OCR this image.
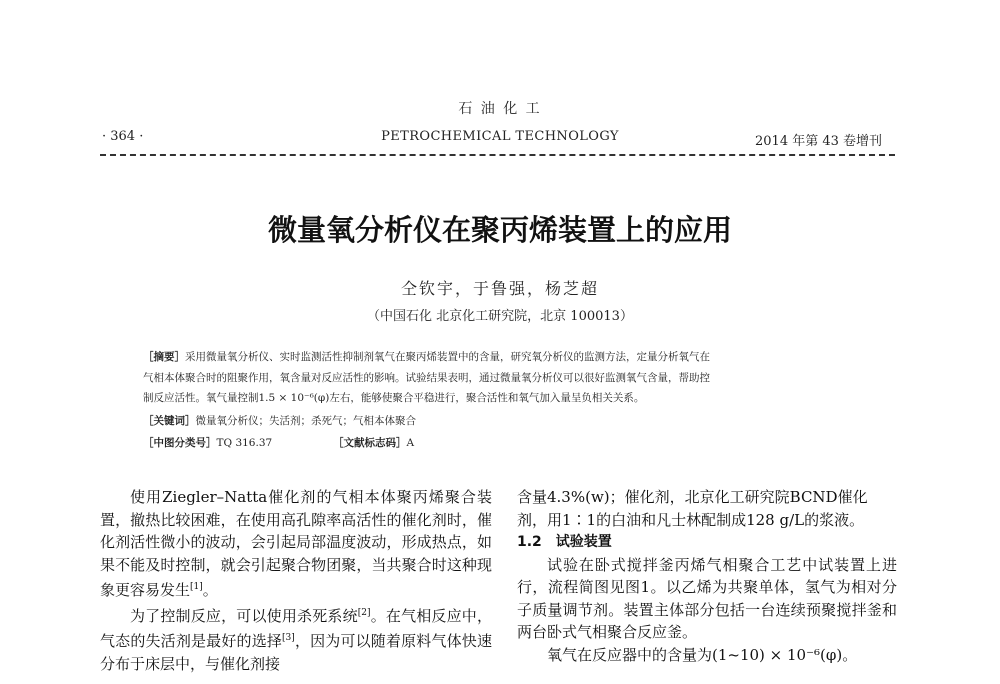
石 油 化 工
· 364 ·	PETROCHEMICAL TECHNOLOGY	2014 年第 43 卷增刊
微量氧分析仪在聚丙烯装置上的应用
仝钦宇，于鲁强，杨芝超
（中国石化 北京化工研究院，北京 100013）
［摘要］采用微量氧分析仪、实时监测活性抑制剂氧气在聚丙烯装置中的含量，研究氧分析仪的监测方法，定量分析氧气在
气相本体聚合时的阻聚作用，氧含量对反应活性的影响。试验结果表明，通过微量氧分析仪可以很好监测氧气含量，帮助控
制反应活性。氧气量控制1.5 × 10⁻⁶(φ)左右，能够使聚合平稳进行，聚合活性和氧气加入量呈负相关关系。
［关键词］微量氧分析仪；失活剂；杀死气；气相本体聚合
［中图分类号］TQ 316.37	［文献标志码］A

使用Ziegler–Natta催化剂的气相本体聚丙烯聚合装置，撤热比较困难，在使用高孔隙率高活性的催化剂时，催化剂活性微小的波动，会引起局部温度波动，形成热点，如果不能及时控制，就会引起聚合物团聚，当共聚合时这种现象更容易发生[1]。

为了控制反应，可以使用杀死系统[2]。在气相反应中，气态的失活剂是最好的选择[3]，因为可以随着原料气体快速分布于床层中，与催化剂接

含量4.3%(w)；催化剂，北京化工研究院BCND催化

剂，用1∶1的白油和凡士林配制成128 g/L的浆液。

1.2　试验装置

试验在卧式搅拌釜丙烯气相聚合工艺中试装置上进行，流程简图见图1。以乙烯为共聚单体，氢气为相对分子质量调节剂。装置主体部分包括一台连续预聚搅拌釜和两台卧式气相聚合反应釜。

氧气在反应器中的含量为(1~10) × 10⁻⁶(φ)。
